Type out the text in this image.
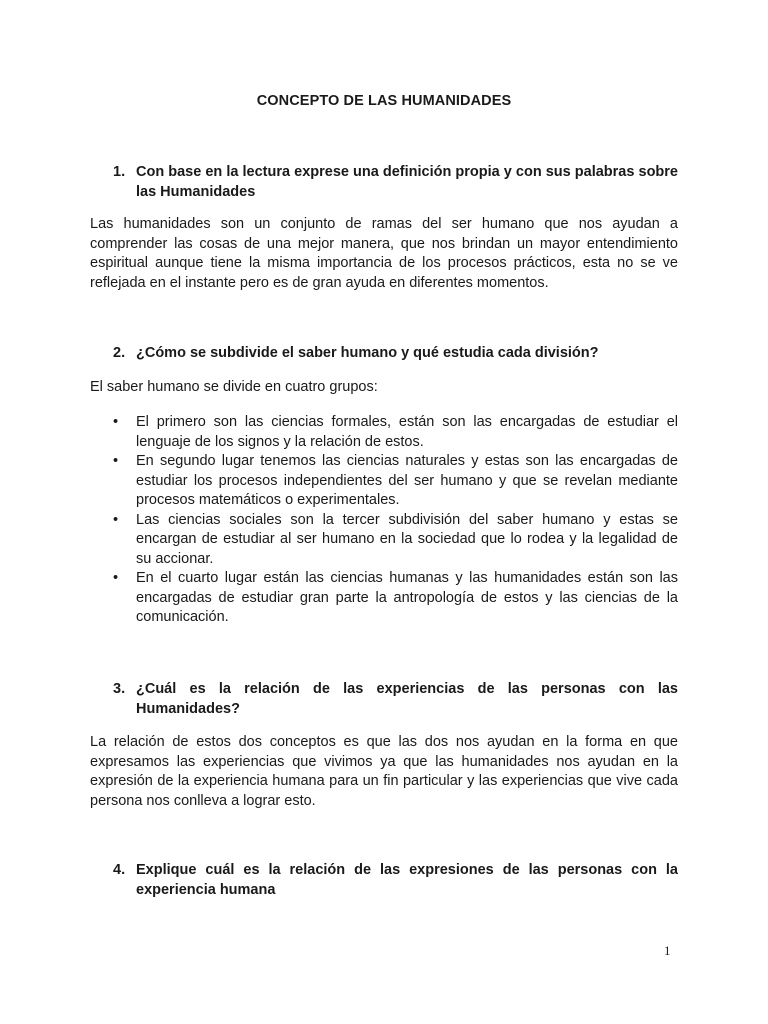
CONCEPTO DE LAS HUMANIDADES
1. Con base en la lectura exprese una definición propia y con sus palabras sobre las Humanidades
Las humanidades son un conjunto de ramas del ser humano que nos ayudan a comprender las cosas de una mejor manera, que nos brindan un mayor entendimiento espiritual aunque tiene la misma importancia de los procesos prácticos, esta no se ve reflejada en el instante pero es de gran ayuda en diferentes momentos.
2. ¿Cómo se subdivide el saber humano y qué estudia cada división?
El saber humano se divide en cuatro grupos:
• El primero son las ciencias formales, están son las encargadas de estudiar el lenguaje de los signos y la relación de estos.
• En segundo lugar tenemos las ciencias naturales y estas son las encargadas de estudiar los procesos independientes del ser humano y que se revelan mediante procesos matemáticos o experimentales.
• Las ciencias sociales son la tercer subdivisión del saber humano y estas se encargan de estudiar al ser humano en la sociedad que lo rodea y la legalidad de su accionar.
• En el cuarto lugar están las ciencias humanas y las humanidades están son las encargadas de estudiar gran parte la antropología de estos y las ciencias de la comunicación.
3. ¿Cuál es la relación de las experiencias de las personas con las Humanidades?
La relación de estos dos conceptos es que las dos nos ayudan en la forma en que expresamos las experiencias que vivimos ya que las humanidades nos ayudan en la expresión de la experiencia humana para un fin particular y las experiencias que vive cada persona nos conlleva a lograr esto.
4. Explique cuál es la relación de las expresiones de las personas con la experiencia humana
1
